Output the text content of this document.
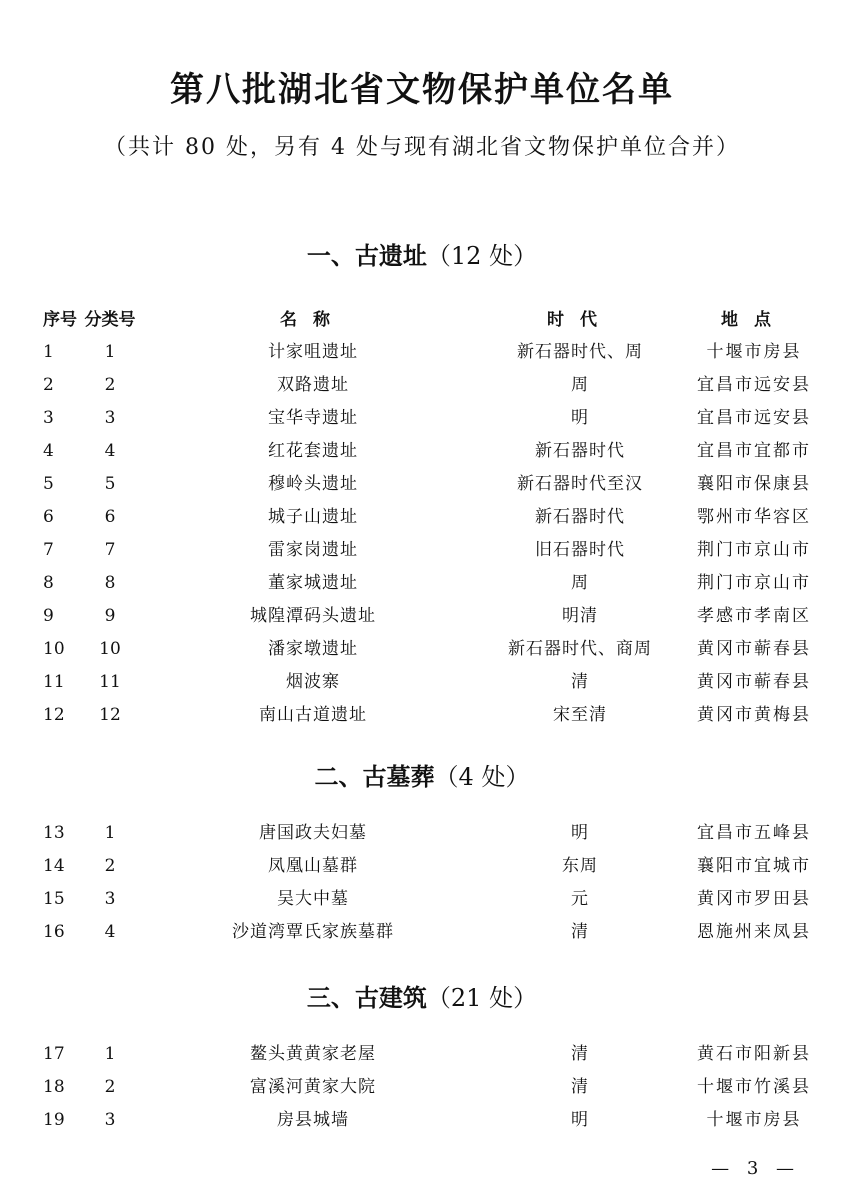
第八批湖北省文物保护单位名单
（共计 80 处，另有 4 处与现有湖北省文物保护单位合并）
序号 分类号	名称	时代	地点
一、古遗址（12 处）
1	1	计家咀遗址	新石器时代、周	十堰市房县
2	2	双路遗址	周	宜昌市远安县
3	3	宝华寺遗址	明	宜昌市远安县
4	4	红花套遗址	新石器时代	宜昌市宜都市
5	5	穆岭头遗址	新石器时代至汉	襄阳市保康县
6	6	城子山遗址	新石器时代	鄂州市华容区
7	7	雷家岗遗址	旧石器时代	荆门市京山市
8	8	董家城遗址	周	荆门市京山市
9	9	城隍潭码头遗址	明清	孝感市孝南区
10 10	潘家墩遗址	新石器时代、商周	黄冈市蕲春县
11 11	烟波寨	清	黄冈市蕲春县
12 12	南山古道遗址	宋至清	黄冈市黄梅县
二、古墓葬（4 处）
13 1	唐国政夫妇墓	明	宜昌市五峰县
14 2	凤凰山墓群	东周	襄阳市宜城市
15 3	吴大中墓	元	黄冈市罗田县
16 4	沙道湾覃氏家族墓群	清	恩施州来凤县
三、古建筑（21 处）
17 1	鳌头黄黄家老屋	清	黄石市阳新县
18 2	富溪河黄家大院	清	十堰市竹溪县
19 3	房县城墙	明	十堰市房县
— 3 —
